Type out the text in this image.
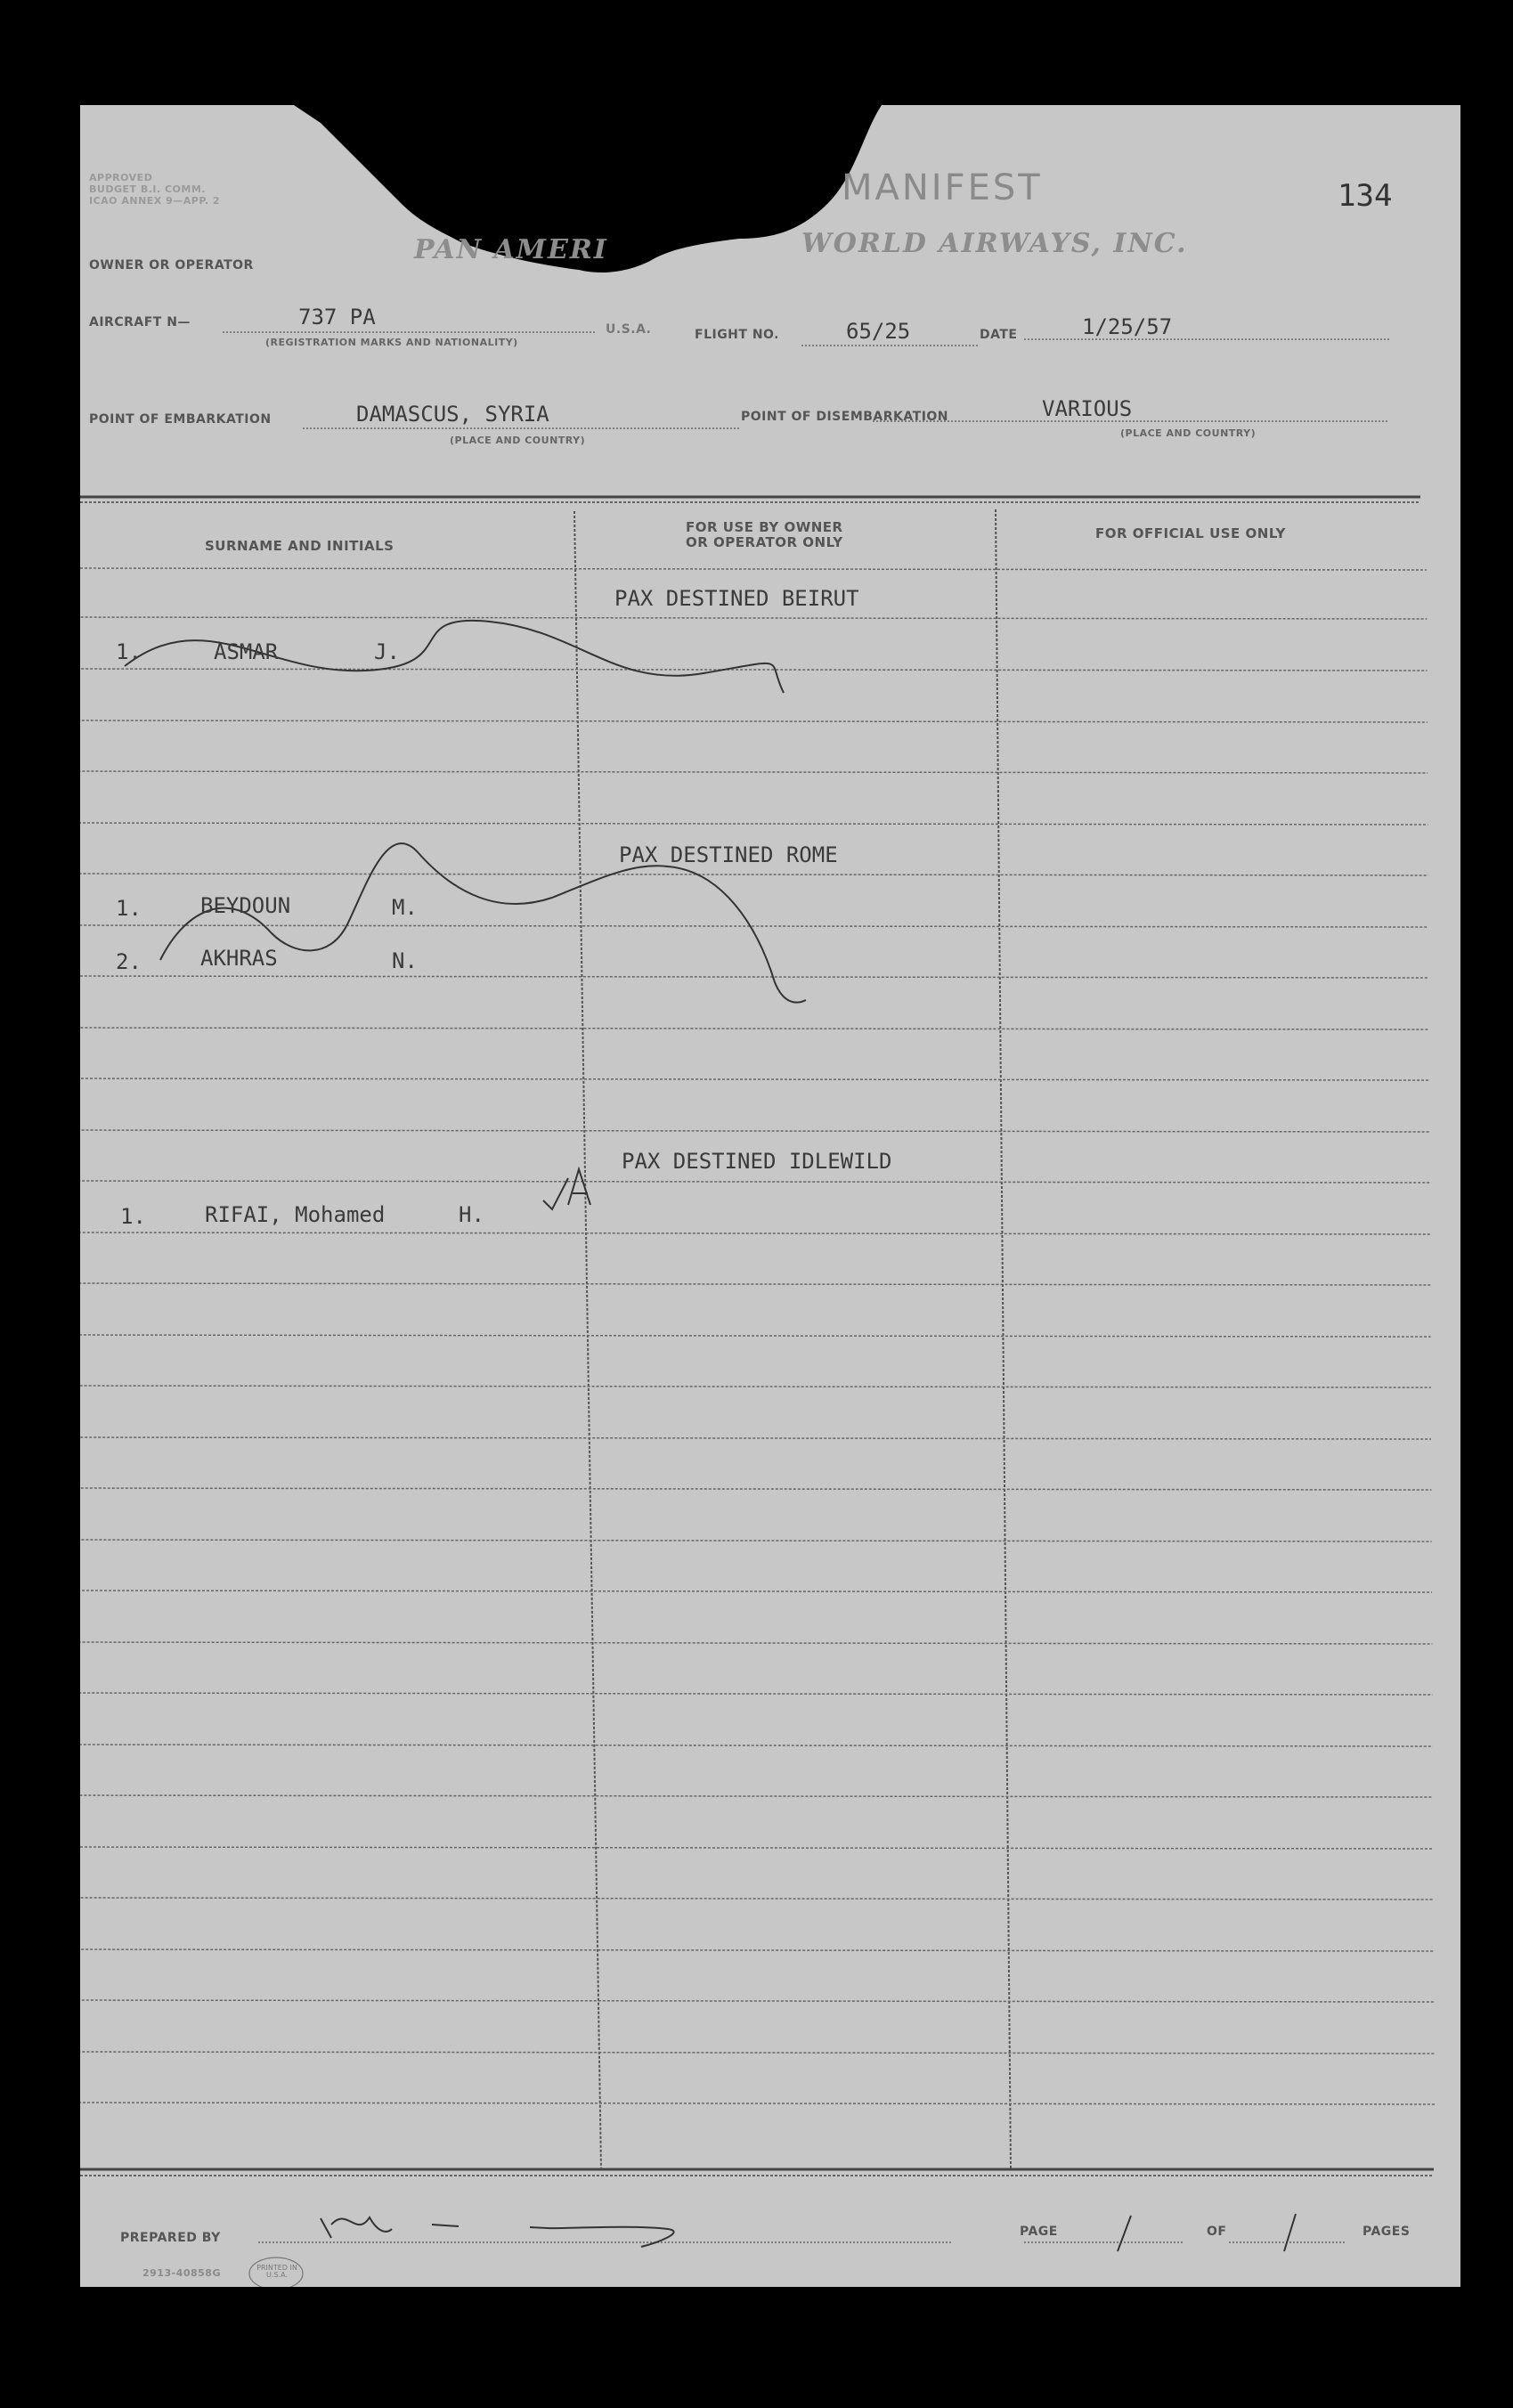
APPROVED
BUDGET B.I. COMM.
ICAO ANNEX 9—APP. 2	MANIFEST	134
OWNER OR OPERATOR	PAN AMERI	WORLD AIRWAYS, INC.
AIRCRAFT N—	737 PA
(REGISTRATION MARKS AND NATIONALITY)
U.S.A.	FLIGHT NO.	65/25	DATE	1/25/57
POINT OF EMBARKATION	DAMASCUS, SYRIA
(PLACE AND COUNTRY)
POINT OF DISEMBARKATION	VARIOUS
(PLACE AND COUNTRY)
SURNAME AND INITIALS
FOR USE BY OWNER
OR OPERATOR ONLY
FOR OFFICIAL USE ONLY
PAX DESTINED BEIRUT
1.	ASMAR	J.
PAX DESTINED ROME
1.	BEYDOUN	M.
2.	AKHRAS	N.
PAX DESTINED IDLEWILD
1.	RIFAI, Mohamed	H.
PREPARED BY	PAGE	OF	PAGES
2913-40858G	PRINTED IN U.S.A.
